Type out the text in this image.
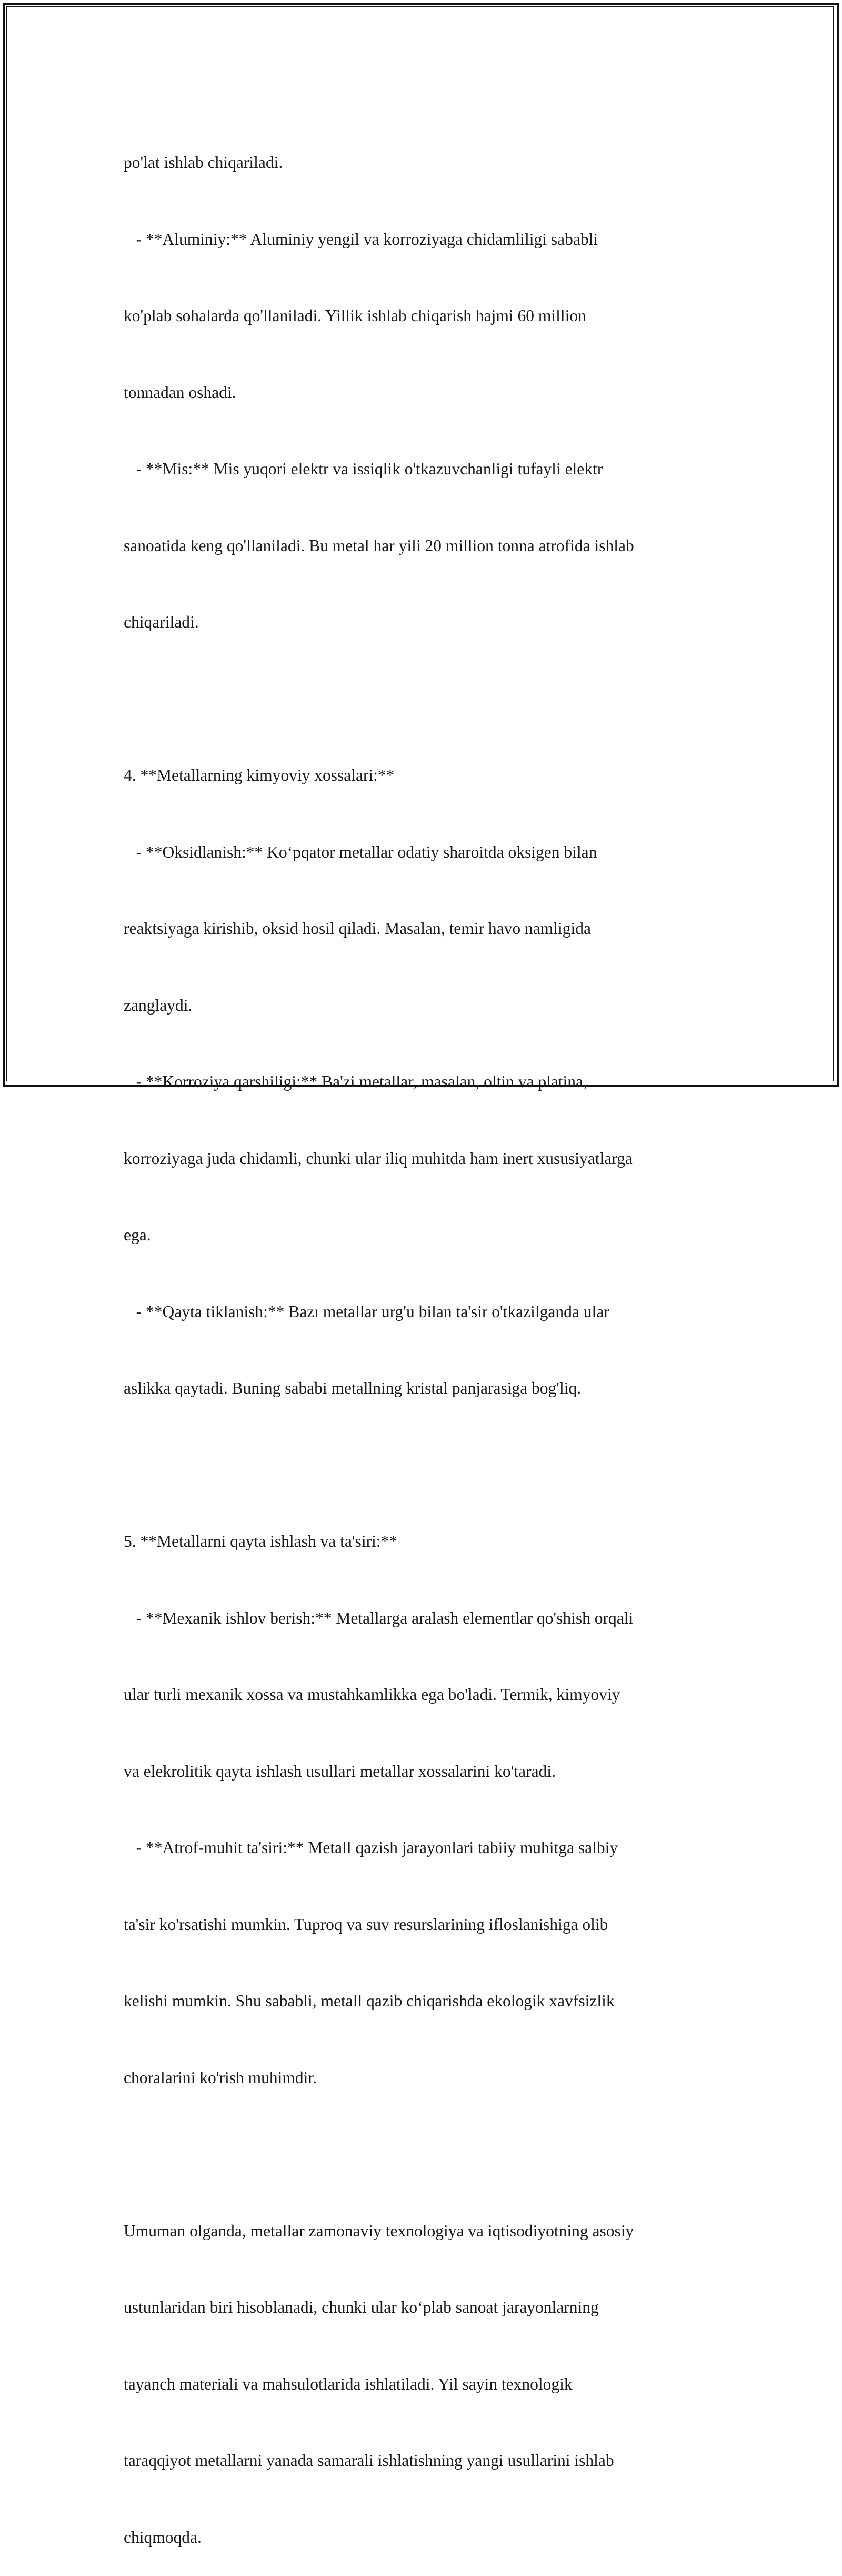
po'lat ishlab chiqariladi.

- **Aluminiy:** Aluminiy yengil va korroziyaga chidamliligi sababli

ko'plab sohalarda qo'llaniladi. Yillik ishlab chiqarish hajmi 60 million

tonnadan oshadi.

- **Mis:** Mis yuqori elektr va issiqlik o'tkazuvchanligi tufayli elektr

sanoatida keng qo'llaniladi. Bu metal har yili 20 million tonna atrofida ishlab

chiqariladi.

4. **Metallarning kimyoviy xossalari:**

- **Oksidlanish:** Ko‘pqator metallar odatiy sharoitda oksigen bilan

reaktsiyaga kirishib, oksid hosil qiladi. Masalan, temir havo namligida

zanglaydi.

- **Korroziya qarshiligi:** Ba'zi metallar, masalan, oltin va platina,

korroziyaga juda chidamli, chunki ular iliq muhitda ham inert xususiyatlarga

ega.

- **Qayta tiklanish:** Bazı metallar urg'u bilan ta'sir o'tkazilganda ular

aslikka qaytadi. Buning sababi metallning kristal panjarasiga bog'liq.

5. **Metallarni qayta ishlash va ta'siri:**

- **Mexanik ishlov berish:** Metallarga aralash elementlar qo'shish orqali

ular turli mexanik xossa va mustahkamlikka ega bo'ladi. Termik, kimyoviy

va elekrolitik qayta ishlash usullari metallar xossalarini ko'taradi.

- **Atrof-muhit ta'siri:** Metall qazish jarayonlari tabiiy muhitga salbiy

ta'sir ko'rsatishi mumkin. Tuproq va suv resurslarining ifloslanishiga olib

kelishi mumkin. Shu sababli, metall qazib chiqarishda ekologik xavfsizlik

choralarini ko'rish muhimdir.

Umuman olganda, metallar zamonaviy texnologiya va iqtisodiyotning asosiy

ustunlaridan biri hisoblanadi, chunki ular ko‘plab sanoat jarayonlarning

tayanch materiali va mahsulotlarida ishlatiladi. Yil sayin texnologik

taraqqiyot metallarni yanada samarali ishlatishning yangi usullarini ishlab

chiqmoqda.
